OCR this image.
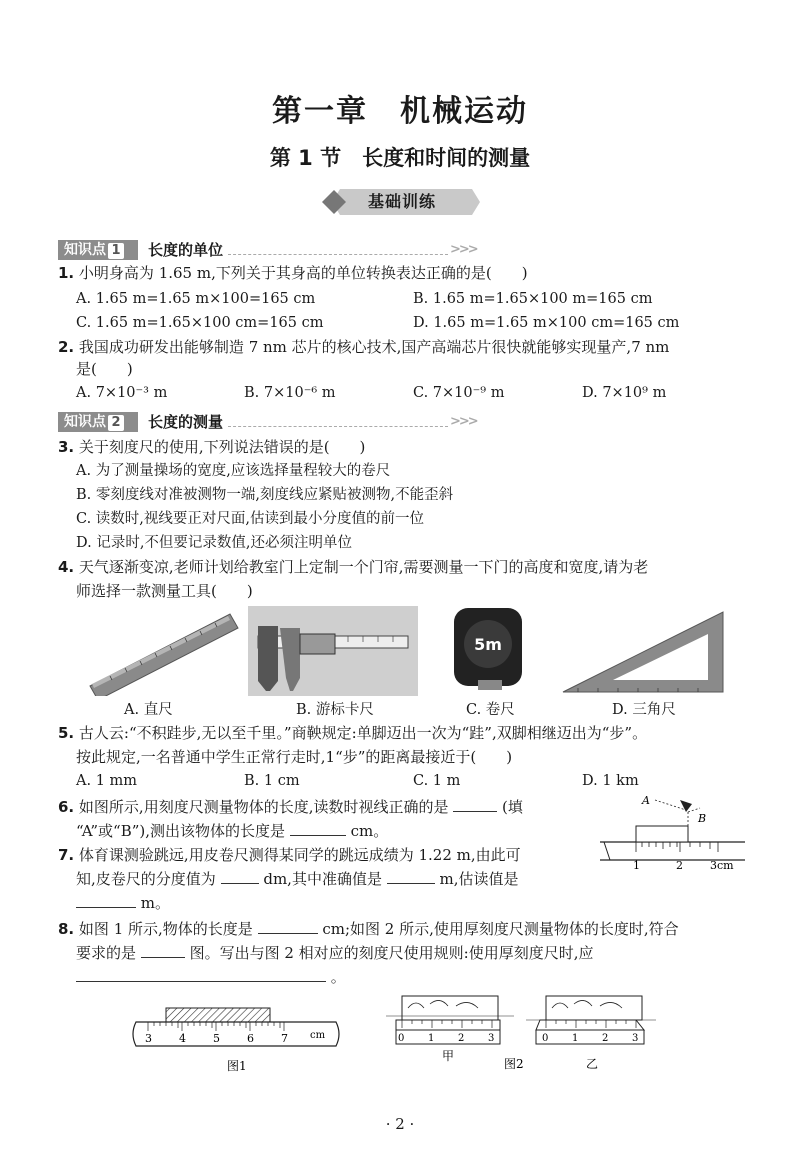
第一章　机械运动
第 1 节　长度和时间的测量
基础训练
知识点 1	长度的单位	>>>
1. 小明身高为 1.65 m,下列关于其身高的单位转换表达正确的是(　　)
A. 1.65 m=1.65 m×100=165 cm	B. 1.65 m=1.65×100 m=165 cm
C. 1.65 m=1.65×100 cm=165 cm	D. 1.65 m=1.65 m×100 cm=165 cm
2. 我国成功研发出能够制造 7 nm 芯片的核心技术,国产高端芯片很快就能够实现量产,7 nm
是(　　)
A. 7×10⁻³ m	B. 7×10⁻⁶ m	C. 7×10⁻⁹ m	D. 7×10⁹ m
知识点 2	长度的测量	>>>
3. 关于刻度尺的使用,下列说法错误的是(　　)
A. 为了测量操场的宽度,应该选择量程较大的卷尺
B. 零刻度线对准被测物一端,刻度线应紧贴被测物,不能歪斜
C. 读数时,视线要正对尺面,估读到最小分度值的前一位
D. 记录时,不但要记录数值,还必须注明单位
4. 天气逐渐变凉,老师计划给教室门上定制一个门帘,需要测量一下门的高度和宽度,请为老
师选择一款测量工具(　　)
5m
A. 直尺	B. 游标卡尺	C. 卷尺	D. 三角尺
5. 古人云:“不积跬步,无以至千里。”商鞅规定:单脚迈出一次为“跬”,双脚相继迈出为“步”。
按此规定,一名普通中学生正常行走时,1“步”的距离最接近于(　　)
A. 1 mm	B. 1 cm	C. 1 m	D. 1 km
6. 如图所示,用刻度尺测量物体的长度,读数时视线正确的是	(填
“A”或“B”),测出该物体的长度是	cm。
A
B
1	2 3cm
7. 体育课测验跳远,用皮卷尺测得某同学的跳远成绩为 1.22 m,由此可
知,皮卷尺的分度值为	dm,其中准确值是	m,估读值是
m。
8. 如图 1 所示,物体的长度是	cm;如图 2 所示,使用厚刻度尺测量物体的长度时,符合
要求的是	图。写出与图 2 相对应的刻度尺使用规则:使用厚刻度尺时,应
。
3 4 5 6 7 cm
图1
0 1 2 3
甲
图2
0 1 2 3
乙
· 2 ·
